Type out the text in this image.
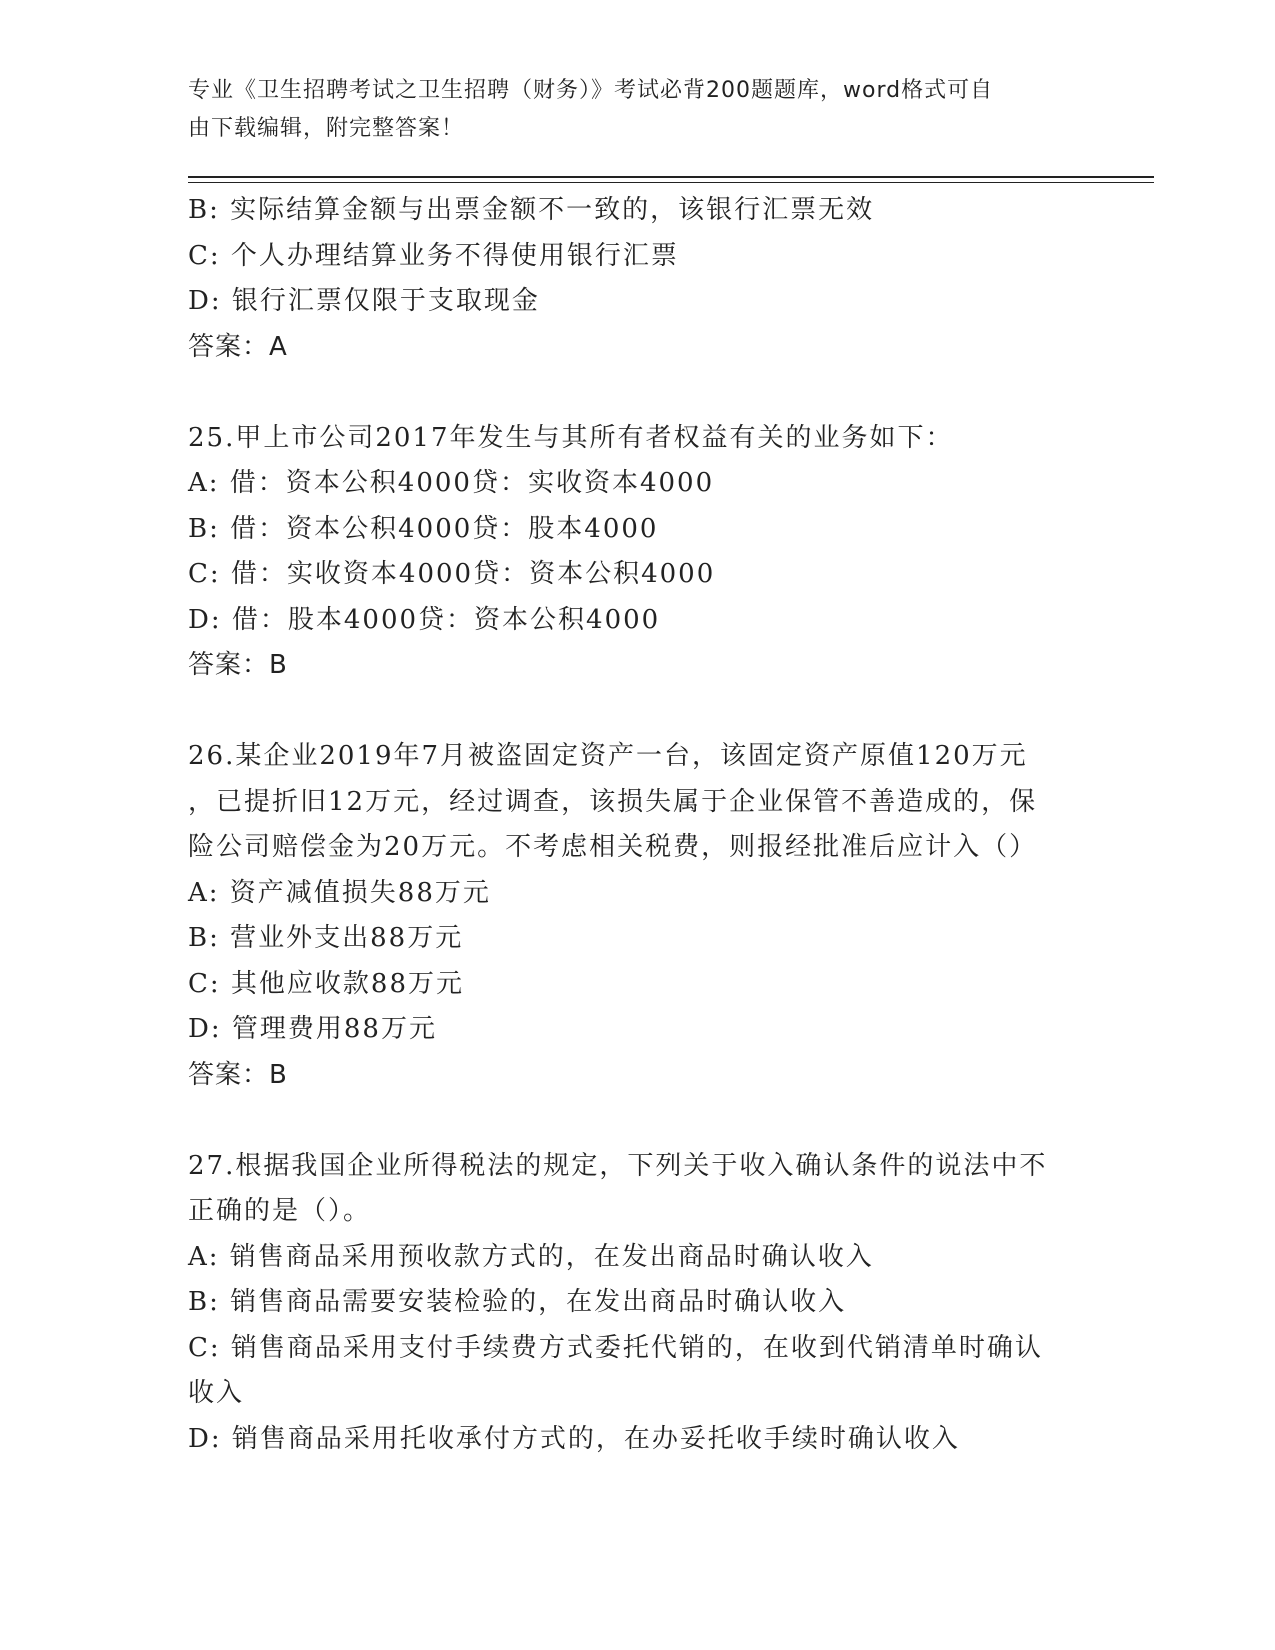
专业《卫生招聘考试之卫生招聘（财务）》考试必背200题题库，word格式可自
由下载编辑，附完整答案！
B: 实际结算金额与出票金额不一致的，该银行汇票无效
C: 个人办理结算业务不得使用银行汇票
D: 银行汇票仅限于支取现金
答案：A
25.甲上市公司2017年发生与其所有者权益有关的业务如下：
A: 借：资本公积4000贷：实收资本4000
B: 借：资本公积4000贷：股本4000
C: 借：实收资本4000贷：资本公积4000
D: 借：股本4000贷：资本公积4000
答案：B
26.某企业2019年7月被盗固定资产一台，该固定资产原值120万元
，已提折旧12万元，经过调查，该损失属于企业保管不善造成的，保
险公司赔偿金为20万元。不考虑相关税费，则报经批准后应计入（）
A: 资产减值损失88万元
B: 营业外支出88万元
C: 其他应收款88万元
D: 管理费用88万元
答案：B
27.根据我国企业所得税法的规定，下列关于收入确认条件的说法中不
正确的是（）。
A: 销售商品采用预收款方式的，在发出商品时确认收入
B: 销售商品需要安装检验的，在发出商品时确认收入
C: 销售商品采用支付手续费方式委托代销的，在收到代销清单时确认
收入
D: 销售商品采用托收承付方式的，在办妥托收手续时确认收入
